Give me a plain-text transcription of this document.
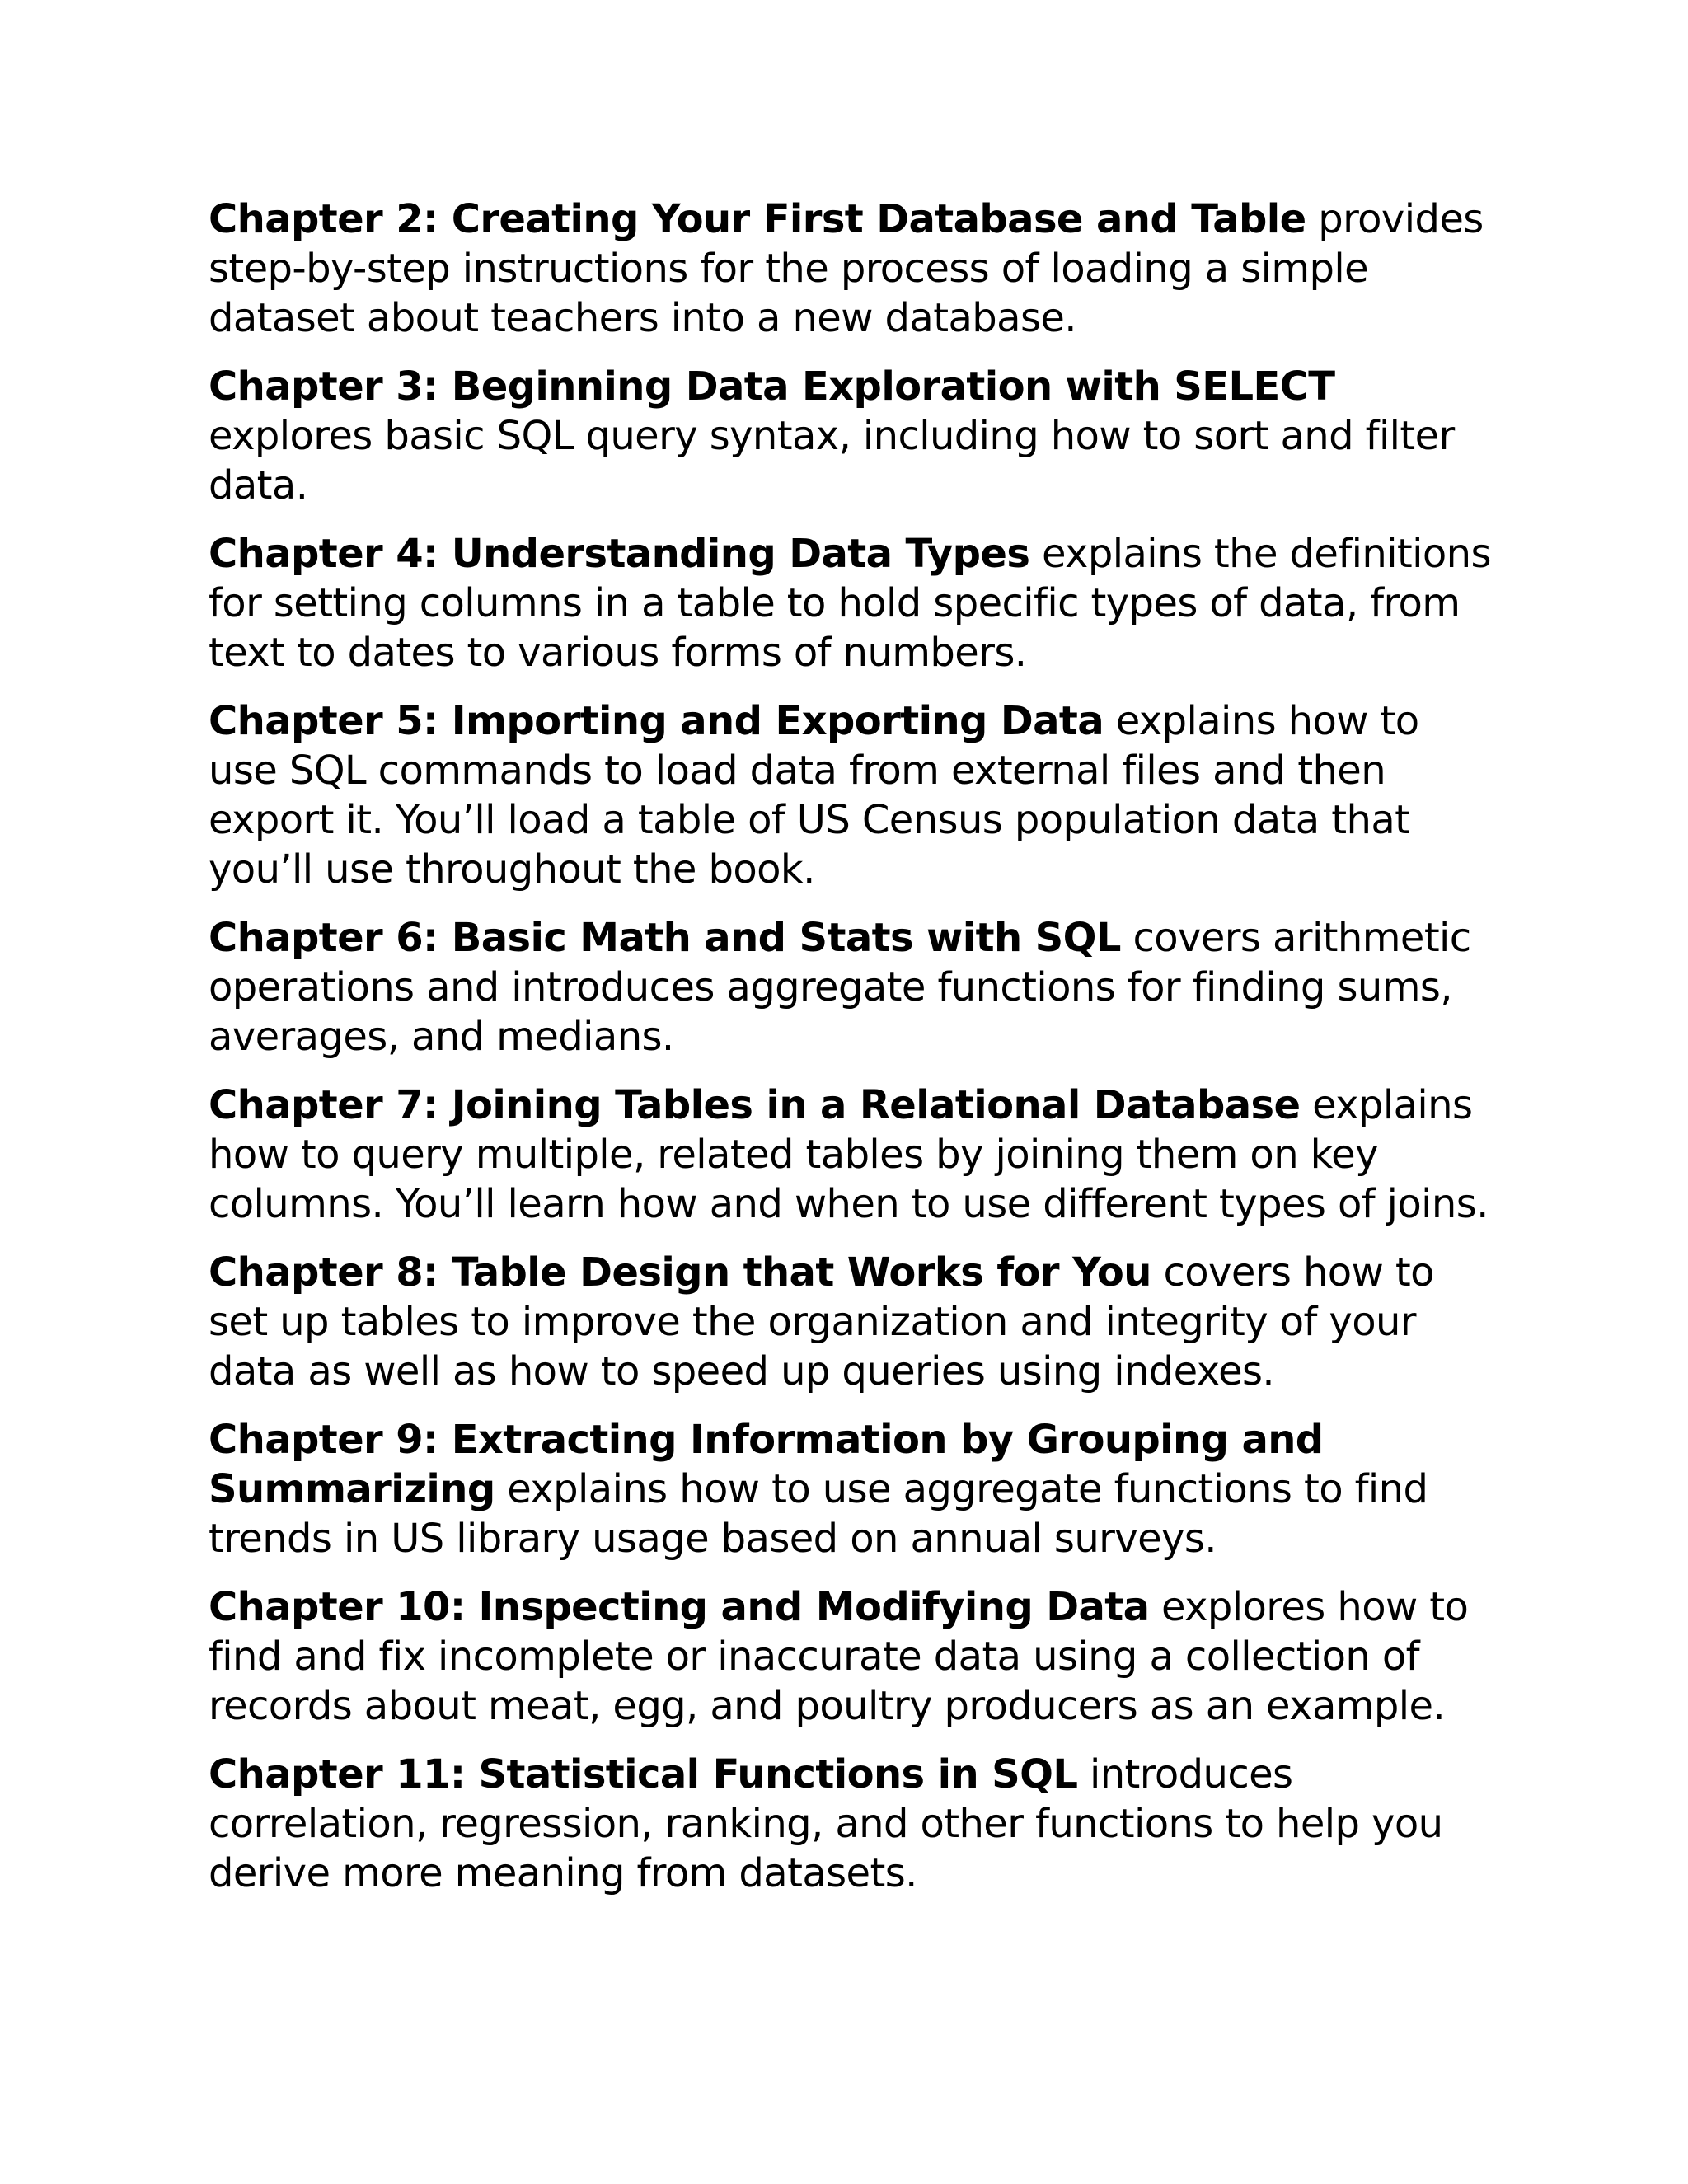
Chapter 2: Creating Your First Database and Table provides step-by-step instructions for the process of loading a simple dataset about teachers into a new database.

Chapter 3: Beginning Data Exploration with SELECT explores basic SQL query syntax, including how to sort and filter data.

Chapter 4: Understanding Data Types explains the definitions for setting columns in a table to hold specific types of data, from text to dates to various forms of numbers.

Chapter 5: Importing and Exporting Data explains how to use SQL commands to load data from external files and then export it. You’ll load a table of US Census population data that you’ll use throughout the book.

Chapter 6: Basic Math and Stats with SQL covers arithmetic operations and introduces aggregate functions for finding sums, averages, and medians.

Chapter 7: Joining Tables in a Relational Database explains how to query multiple, related tables by joining them on key columns. You’ll learn how and when to use different types of joins.

Chapter 8: Table Design that Works for You covers how to set up tables to improve the organization and integrity of your data as well as how to speed up queries using indexes.

Chapter 9: Extracting Information by Grouping and Summarizing explains how to use aggregate functions to find trends in US library usage based on annual surveys.

Chapter 10: Inspecting and Modifying Data explores how to find and fix incomplete or inaccurate data using a collection of records about meat, egg, and poultry producers as an example.

Chapter 11: Statistical Functions in SQL introduces correlation, regression, ranking, and other functions to help you derive more meaning from datasets.
